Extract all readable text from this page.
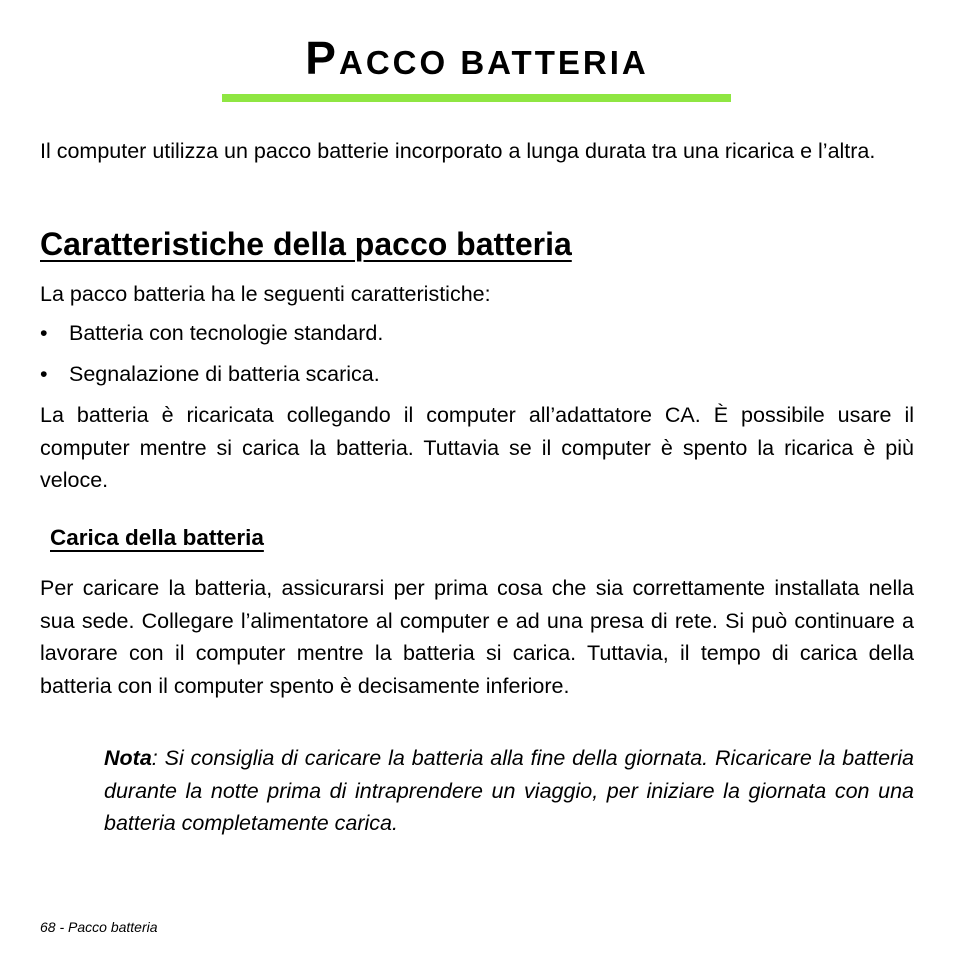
PACCO BATTERIA

Il computer utilizza un pacco batterie incorporato a lunga durata tra una ricarica e l’altra.

Caratteristiche della pacco batteria

La pacco batteria ha le seguenti caratteristiche:

• Batteria con tecnologie standard.
• Segnalazione di batteria scarica.

La batteria è ricaricata collegando il computer all’adattatore CA. È possibile usare il computer mentre si carica la batteria. Tuttavia se il computer è spento la ricarica è più veloce.

Carica della batteria

Per caricare la batteria, assicurarsi per prima cosa che sia correttamente installata nella sua sede. Collegare l’alimentatore al computer e ad una presa di rete. Si può continuare a lavorare con il computer mentre la batteria si carica. Tuttavia, il tempo di carica della batteria con il computer spento è decisamente inferiore.

Nota: Si consiglia di caricare la batteria alla fine della giornata. Ricaricare la batteria durante la notte prima di intraprendere un viaggio, per iniziare la giornata con una batteria completamente carica.

68 - Pacco batteria
